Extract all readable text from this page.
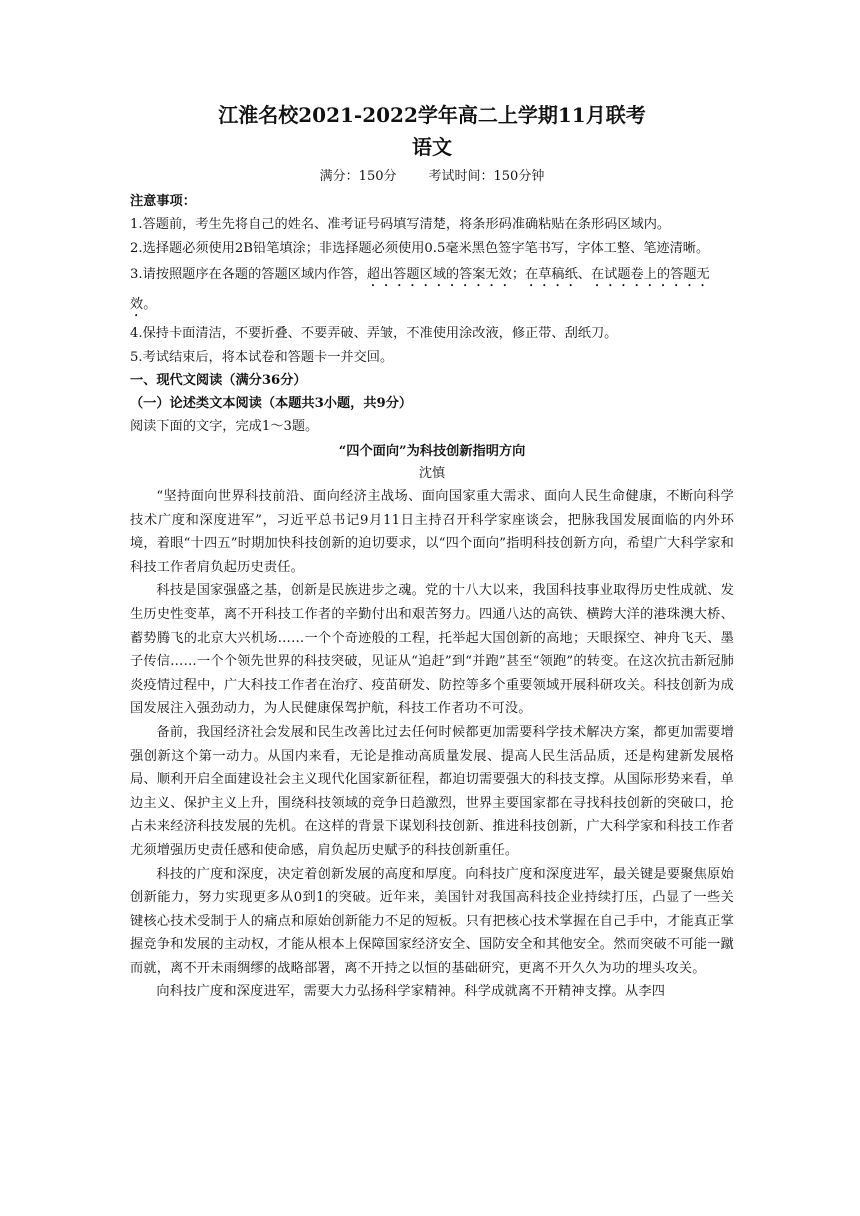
江淮名校2021-2022学年高二上学期11月联考
语文
满分：150分 考试时间：150分钟
注意事项：
1.答题前，考生先将自己的姓名、准考证号码填写清楚，将条形码准确粘贴在条形码区域内。
2.选择题必须使用2B铅笔填涂；非选择题必须使用0.5毫米黑色签字笔书写，字体工整、笔迹清晰。
3.请按照题序在各题的答题区域内作答，超出答题区域的答案无效；在草稿纸、在试题卷上的答题无效。
4.保持卡面清洁，不要折叠、不要弄破、弄皱，不准使用涂改液，修正带、刮纸刀。
5.考试结束后，将本试卷和答题卡一并交回。
一、现代文阅读（满分36分）
（一）论述类文本阅读（本题共3小题，共9分）
阅读下面的文字，完成1～3题。
“四个面向”为科技创新指明方向
沈慎

“坚持面向世界科技前沿、面向经济主战场、面向国家重大需求、面向人民生命健康，不断向科学技术广度和深度进军”，习近平总书记9月11日主持召开科学家座谈会，把脉我国发展面临的内外环境，着眼“十四五”时期加快科技创新的迫切要求，以“四个面向”指明科技创新方向，希望广大科学家和科技工作者肩负起历史责任。

科技是国家强盛之基，创新是民族进步之魂。党的十八大以来，我国科技事业取得历史性成就、发生历史性变革，离不开科技工作者的辛勤付出和艰苦努力。四通八达的高铁、横跨大洋的港珠澳大桥、蓄势腾飞的北京大兴机场……一个个奇迹般的工程，托举起大国创新的高地；天眼探空、神舟飞天、墨子传信……一个个领先世界的科技突破，见证从“追赶”到“并跑”甚至“领跑”的转变。在这次抗击新冠肺炎疫情过程中，广大科技工作者在治疗、疫苗研发、防控等多个重要领域开展科研攻关。科技创新为成国发展注入强劲动力，为人民健康保驾护航，科技工作者功不可没。

备前，我国经济社会发展和民生改善比过去任何时候都更加需要科学技术解决方案，都更加需要增强创新这个第一动力。从国内来看，无论是推动高质量发展、提高人民生活品质，还是构建新发展格局、顺利开启全面建设社会主义现代化国家新征程，都迫切需要强大的科技支撑。从国际形势来看，单边主义、保护主义上升，围绕科技领域的竞争日趋激烈，世界主要国家都在寻找科技创新的突破口，抢占未来经济科技发展的先机。在这样的背景下谋划科技创新、推进科技创新，广大科学家和科技工作者尤须增强历史责任感和使命感，肩负起历史赋予的科技创新重任。

科技的广度和深度，决定着创新发展的高度和厚度。向科技广度和深度进军，最关键是要聚焦原始创新能力，努力实现更多从0到1的突破。近年来，美国针对我国高科技企业持续打压，凸显了一些关键核心技术受制于人的痛点和原始创新能力不足的短板。只有把核心技术掌握在自己手中，才能真正掌握竞争和发展的主动权，才能从根本上保障国家经济安全、国防安全和其他安全。然而突破不可能一蹴而就，离不开未雨绸缪的战略部署，离不开持之以恒的基础研究，更离不开久久为功的埋头攻关。

向科技广度和深度进军，需要大力弘扬科学家精神。科学成就离不开精神支撑。从李四
